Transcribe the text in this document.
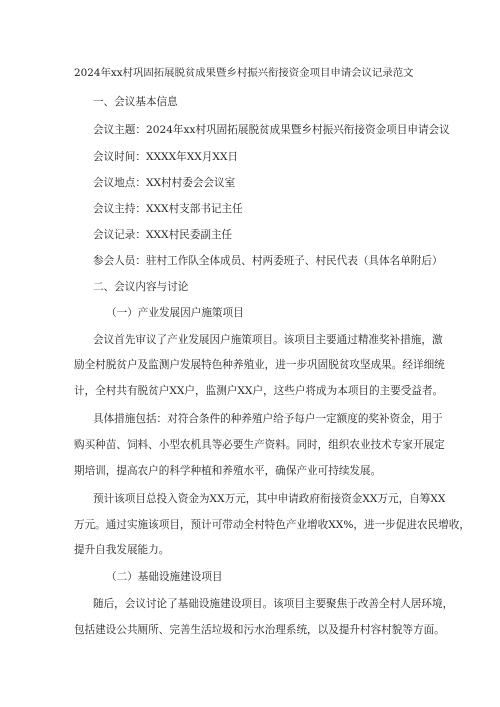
2024年xx村巩固拓展脱贫成果暨乡村振兴衔接资金项目申请会议记录范文
一、会议基本信息
会议主题：2024年xx村巩固拓展脱贫成果暨乡村振兴衔接资金项目申请会议
会议时间：XXXX年XX月XX日
会议地点：XX村村委会会议室
会议主持：XXX村支部书记主任
会议记录：XXX村民委副主任
参会人员：驻村工作队全体成员、村两委班子、村民代表（具体名单附后）
二、会议内容与讨论
（一）产业发展因户施策项目
会议首先审议了产业发展因户施策项目。该项目主要通过精准奖补措施，激
励全村脱贫户及监测户发展特色种养殖业，进一步巩固脱贫攻坚成果。经详细统
计，全村共有脱贫户XX户，监测户XX户，这些户将成为本项目的主要受益者。
具体措施包括：对符合条件的种养殖户给予每户一定额度的奖补资金，用于
购买种苗、饲料、小型农机具等必要生产资料。同时，组织农业技术专家开展定
期培训，提高农户的科学种植和养殖水平，确保产业可持续发展。
预计该项目总投入资金为XX万元，其中申请政府衔接资金XX万元，自筹XX
万元。通过实施该项目，预计可带动全村特色产业增收XX%，进一步促进农民增收，
提升自我发展能力。
（二）基础设施建设项目
随后，会议讨论了基础设施建设项目。该项目主要聚焦于改善全村人居环境，
包括建设公共厕所、完善生活垃圾和污水治理系统，以及提升村容村貌等方面。
